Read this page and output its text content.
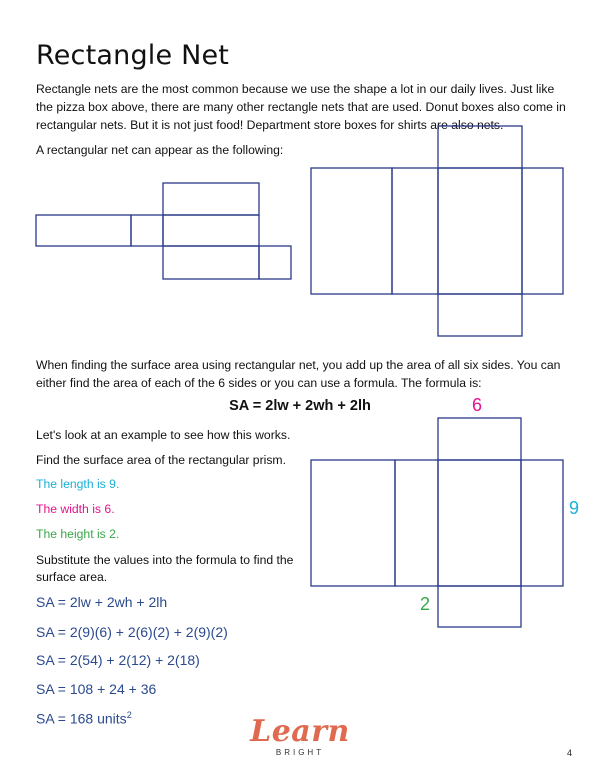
Rectangle Net
Rectangle nets are the most common because we use the shape a lot in our daily lives. Just like the pizza box above, there are many other rectangle nets that are used. Donut boxes also come in rectangular nets. But it is not just food! Department store boxes for shirts are also nets.
A rectangular net can appear as the following:
When finding the surface area using rectangular net, you add up the area of all six sides. You can either find the area of each of the 6 sides or you can use a formula. The formula is:
SA = 2lw + 2wh + 2lh	6
9
2
Let's look at an example to see how this works.
Find the surface area of the rectangular prism.
The length is 9.
The width is 6.
The height is 2.
Substitute the values into the formula to find the surface area.
SA = 2lw + 2wh + 2lh
SA = 2(9)(6) + 2(6)(2) + 2(9)(2)
SA = 2(54) + 2(12) + 2(18)
SA = 108 + 24 + 36
SA = 168 units$^2$	Learn
BRIGHT	4
